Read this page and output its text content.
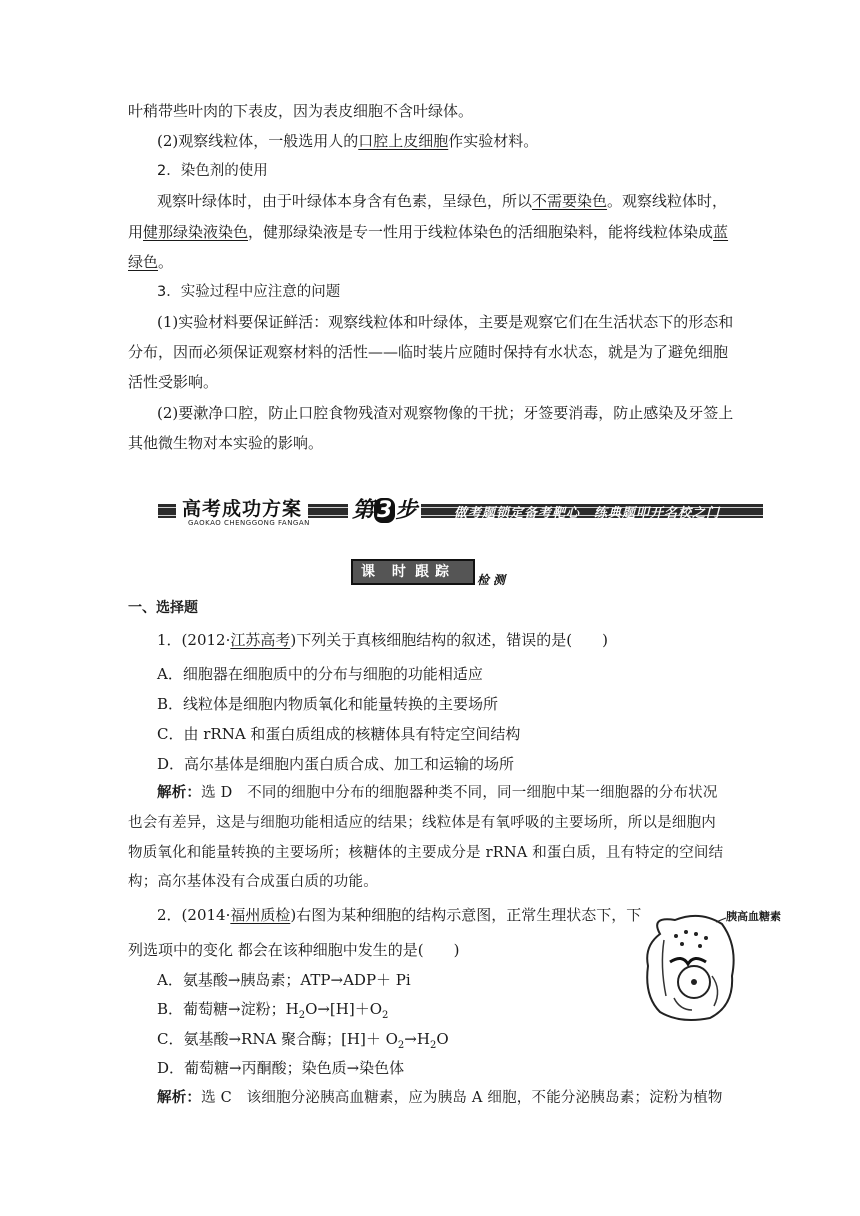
叶稍带些叶肉的下表皮，因为表皮细胞不含叶绿体。
(2)观察线粒体，一般选用人的口腔上皮细胞作实验材料。
2．染色剂的使用
观察叶绿体时，由于叶绿体本身含有色素，呈绿色，所以不需要染色。观察线粒体时，
用健那绿染液染色，健那绿染液是专一性用于线粒体染色的活细胞染料，能将线粒体染成蓝
绿色。
3．实验过程中应注意的问题
(1)实验材料要保证鲜活：观察线粒体和叶绿体，主要是观察它们在生活状态下的形态和
分布，因而必须保证观察材料的活性——临时装片应随时保持有水状态，就是为了避免细胞
活性受影响。
(2)要漱净口腔，防止口腔食物残渣对观察物像的干扰；牙签要消毒，防止感染及牙签上
其他微生物对本实验的影响。
高考成功方案
GAOKAO CHENGGONG FANGAN 第 3 步	做考题锁定备考靶心　练典题叩开名校之门
课 时 跟踪 检测
一、选择题
1．(2012·江苏高考)下列关于真核细胞结构的叙述，错误的是(　　)
A．细胞器在细胞质中的分布与细胞的功能相适应
B．线粒体是细胞内物质氧化和能量转换的主要场所
C．由 rRNA 和蛋白质组成的核糖体具有特定空间结构
D．高尔基体是细胞内蛋白质合成、加工和运输的场所
解析：选 D　不同的细胞中分布的细胞器种类不同，同一细胞中某一细胞器的分布状况
也会有差异，这是与细胞功能相适应的结果；线粒体是有氧呼吸的主要场所，所以是细胞内
物质氧化和能量转换的主要场所；核糖体的主要成分是 rRNA 和蛋白质，且有特定的空间结
构；高尔基体没有合成蛋白质的功能。
2．(2014·福州质检)右图为某种细胞的结构示意图，正常生理状态下，下
列选项中的变化 都会在该种细胞中发生的是(　　)
A．氨基酸→胰岛素；ATP→ADP＋ Pi
B．葡萄糖→淀粉；$H_2O\to[H]+O_2$
C．氨基酸→RNA 聚合酶；$[H]+ O_2\to H_2O$
D．葡萄糖→丙酮酸；染色质→染色体
解析：选 C　该细胞分泌胰高血糖素，应为胰岛 A 细胞，不能分泌胰岛素；淀粉为植物
胰高血糖素
